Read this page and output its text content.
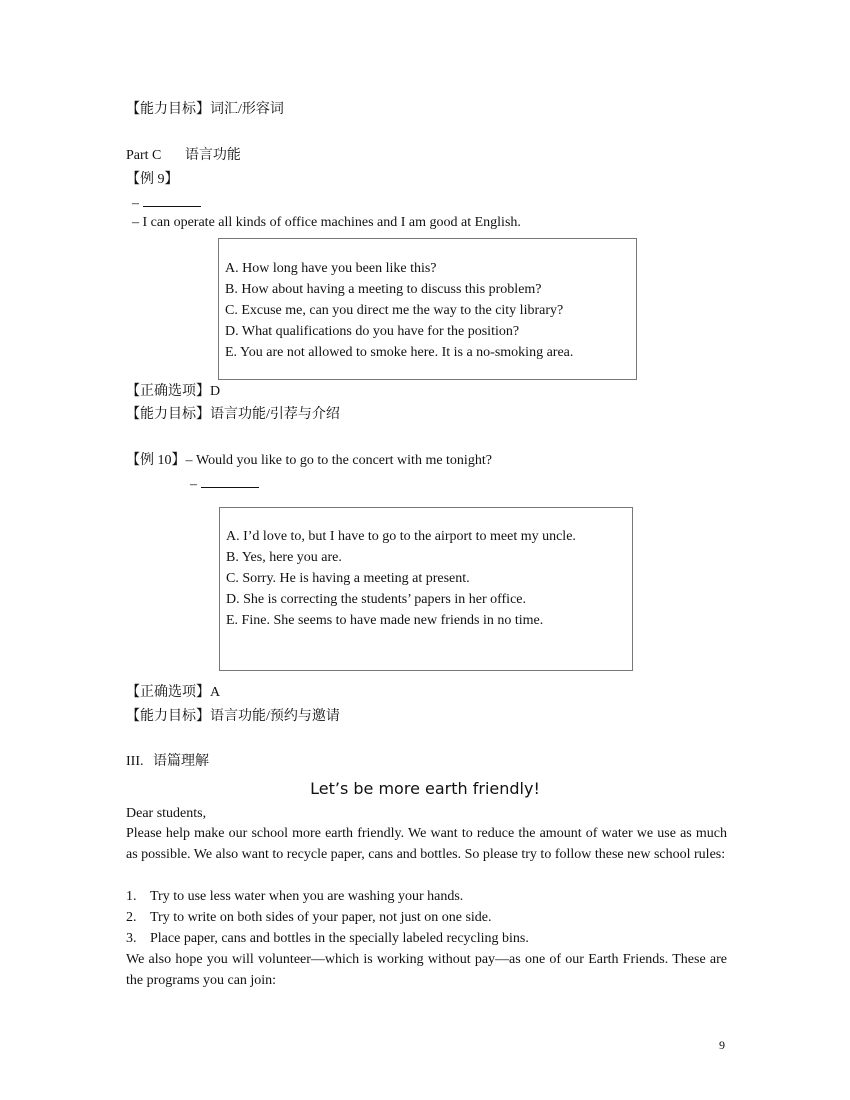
【能力目标】词汇/形容词
Part C 语言功能
【例 9】
–
– I can operate all kinds of office machines and I am good at English.
A. How long have you been like this?
B. How about having a meeting to discuss this problem?
C. Excuse me, can you direct me the way to the city library?
D. What qualifications do you have for the position?
E. You are not allowed to smoke here. It is a no-smoking area.
【正确选项】D
【能力目标】语言功能/引荐与介绍
【例 10】– Would you like to go to the concert with me tonight?
–
A. I’d love to, but I have to go to the airport to meet my uncle.
B. Yes, here you are.
C. Sorry. He is having a meeting at present.
D. She is correcting the students’ papers in her office.
E. Fine. She seems to have made new friends in no time.
【正确选项】A
【能力目标】语言功能/预约与邀请
III. 语篇理解
Let’s be more earth friendly!
Dear students,
Please help make our school more earth friendly. We want to reduce the amount of water we use as much as possible. We also want to recycle paper, cans and bottles. So please try to follow these new school rules:
1. Try to use less water when you are washing your hands.
2. Try to write on both sides of your paper, not just on one side.
3. Place paper, cans and bottles in the specially labeled recycling bins.
We also hope you will volunteer—which is working without pay—as one of our Earth Friends. These are the programs you can join:
9
